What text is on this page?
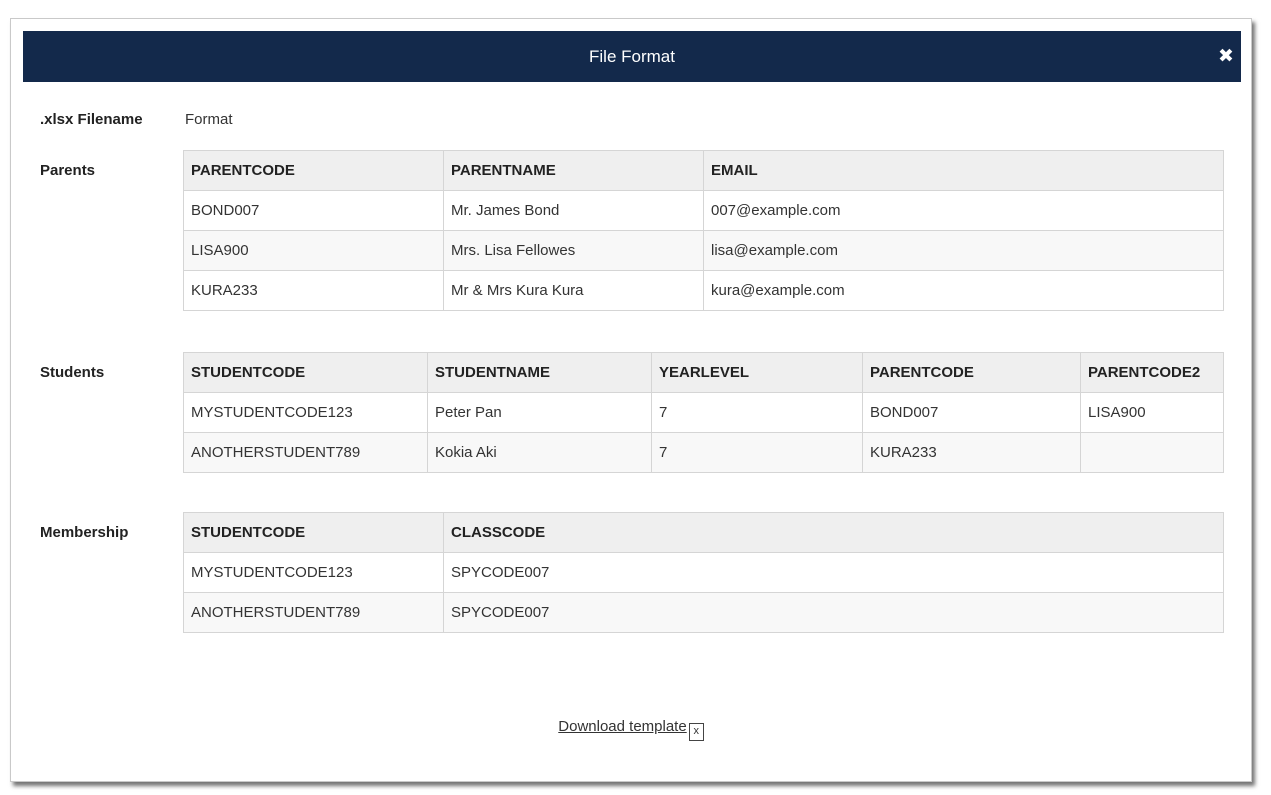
File Format	✖
.xlsx Filename	Format
Parents	PARENTCODE	PARENTNAME	EMAIL
BOND007	Mr. James Bond	007@example.com
LISA900	Mrs. Lisa Fellowes	lisa@example.com
KURA233	Mr & Mrs Kura Kura	kura@example.com
Students	STUDENTCODE	STUDENTNAME	YEARLEVEL	PARENTCODE	PARENTCODE2
MYSTUDENTCODE123	Peter Pan	7	BOND007	LISA900
ANOTHERSTUDENT789	Kokia Aki	7	KURA233	
Membership	STUDENTCODE	CLASSCODE
MYSTUDENTCODE123	SPYCODE007
ANOTHERSTUDENT789	SPYCODE007
Download template x
